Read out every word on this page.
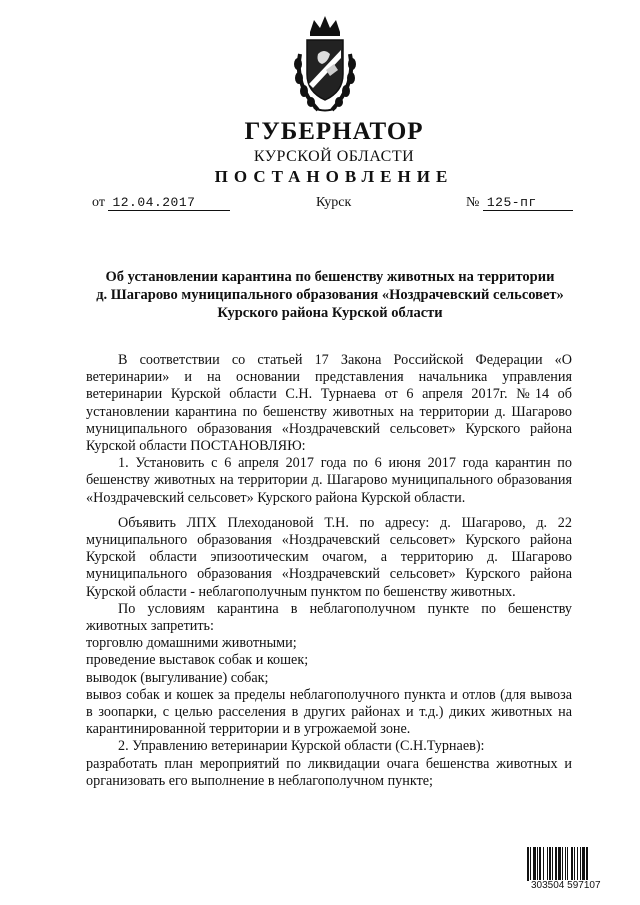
ГУБЕРНАТОР
КУРСКОЙ ОБЛАСТИ
ПОСТАНОВЛЕНИЕ
от 12.04.2017	Курск	№ 125-пг
Об установлении карантина по бешенству животных на территории
д. Шагарово муниципального образования «Ноздрачевский сельсовет»
Курского района Курской области

В соответствии со статьей 17 Закона Российской Федерации «О ветеринарии» и на основании представления начальника управления ветеринарии Курской области С.Н. Турнаева от 6 апреля 2017г. №14 об установлении карантина по бешенству животных на территории д. Шагарово муниципального образования «Ноздрачевский сельсовет» Курского района Курской области ПОСТАНОВЛЯЮ:

1. Установить с 6 апреля 2017 года по 6 июня 2017 года карантин по бешенству животных на территории д. Шагарово муниципального образования «Ноздрачевский сельсовет» Курского района Курской области.

Объявить ЛПХ Плеходановой Т.Н. по адресу: д. Шагарово, д. 22 муниципального образования «Ноздрачевский сельсовет» Курского района Курской области эпизоотическим очагом, а территорию д. Шагарово муниципального образования «Ноздрачевский сельсовет» Курского района Курской области - неблагополучным пунктом по бешенству животных.

По условиям карантина в неблагополучном пункте по бешенству животных запретить:

торговлю домашними животными;

проведение выставок собак и кошек;

выводок (выгуливание) собак;

вывоз собак и кошек за пределы неблагополучного пункта и отлов (для вывоза в зоопарки, с целью расселения в других районах и т.д.) диких животных на карантинированной территории и в угрожаемой зоне.

2. Управлению ветеринарии Курской области (С.Н.Турнаев):

разработать план мероприятий по ликвидации очага бешенства животных и организовать его выполнение в неблагополучном пункте;

303504 597107
